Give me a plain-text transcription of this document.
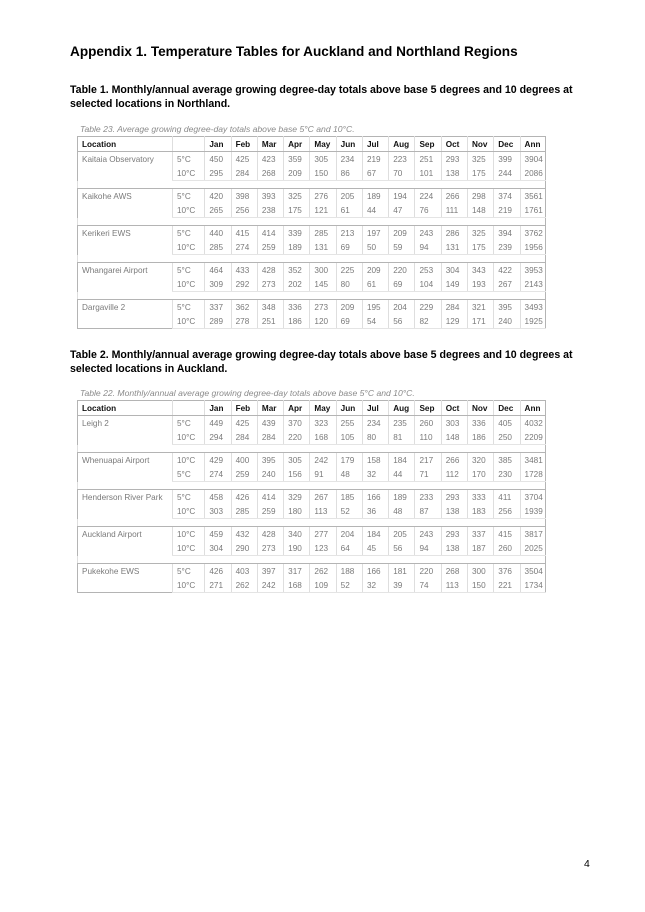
Appendix 1. Temperature Tables for Auckland and Northland Regions

Table 1. Monthly/annual average growing degree-day totals above base 5 degrees and 10 degrees at selected locations in Northland.

Table 23. Average growing degree-day totals above base 5°C and 10°C.
Location		Jan	Feb	Mar	Apr	May	Jun	Jul	Aug	Sep	Oct	Nov	Dec	Ann
Kaitaia Observatory	5°C	450	425	423	359	305	234	219	223	251	293	325	399	3904
	10°C	295	284	268	209	150	86	67	70	101	138	175	244	2086

Kaikohe AWS	5°C	420	398	393	325	276	205	189	194	224	266	298	374	3561
	10°C	265	256	238	175	121	61	44	47	76	111	148	219	1761

Kerikeri EWS	5°C	440	415	414	339	285	213	197	209	243	286	325	394	3762
	10°C	285	274	259	189	131	69	50	59	94	131	175	239	1956

Whangarei Airport	5°C	464	433	428	352	300	225	209	220	253	304	343	422	3953
	10°C	309	292	273	202	145	80	61	69	104	149	193	267	2143

Dargaville 2	5°C	337	362	348	336	273	209	195	204	229	284	321	395	3493
	10°C	289	278	251	186	120	69	54	56	82	129	171	240	1925

Table 2. Monthly/annual average growing degree-day totals above base 5 degrees and 10 degrees at selected locations in Auckland.

Table 22. Monthly/annual average growing degree-day totals above base 5°C and 10°C.
Location		Jan	Feb	Mar	Apr	May	Jun	Jul	Aug	Sep	Oct	Nov	Dec	Ann
Leigh 2	5°C	449	425	439	370	323	255	234	235	260	303	336	405	4032
	10°C	294	284	284	220	168	105	80	81	110	148	186	250	2209

Whenuapai Airport	10°C	429	400	395	305	242	179	158	184	217	266	320	385	3481
	5°C	274	259	240	156	91	48	32	44	71	112	170	230	1728

Henderson River Park	5°C	458	426	414	329	267	185	166	189	233	293	333	411	3704
	10°C	303	285	259	180	113	52	36	48	87	138	183	256	1939

Auckland Airport	10°C	459	432	428	340	277	204	184	205	243	293	337	415	3817
	10°C	304	290	273	190	123	64	45	56	94	138	187	260	2025

Pukekohe EWS	5°C	426	403	397	317	262	188	166	181	220	268	300	376	3504
	10°C	271	262	242	168	109	52	32	39	74	113	150	221	1734
4
